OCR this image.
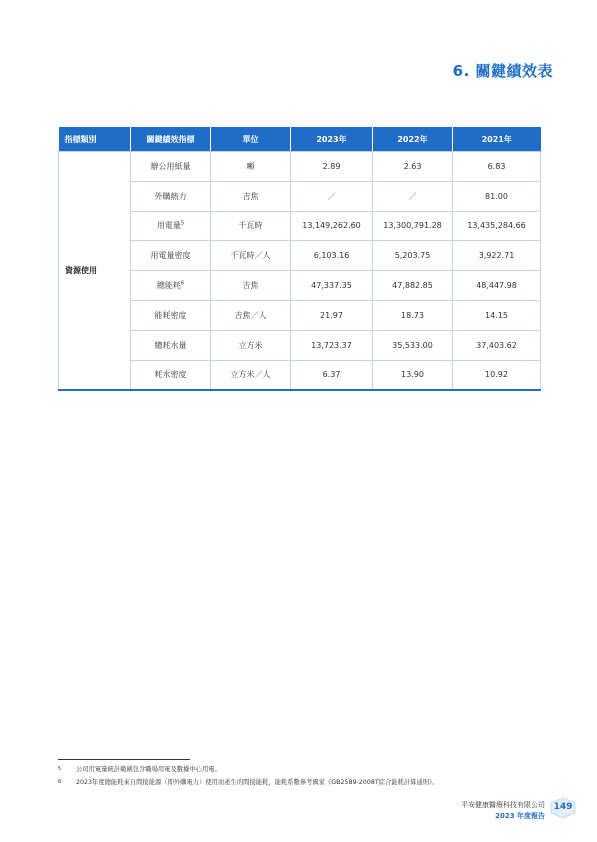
6. 關鍵績效表
指標類別	關鍵績效指標	單位	2023年	2022年	2021年
資源使用	辦公用紙量	噸	2.89	2.63	6.83
	外購熱力	吉焦	／	／	81.00
	用電量$^5$	千瓦時	13,149,262.60	13,300,791.28	13,435,284.66
	用電量密度	千瓦時／人	6,103.16	5,203.75	3,922.71
	總能耗$^6$	吉焦	47,337.35	47,882.85	48,447.98
	能耗密度	吉焦／人	21.97	18.73	14.15
	總耗水量	立方米	13,723.37	35,533.00	37,403.62
	耗水密度	立方米／人	6.37	13.90	10.92
5	公司用電量統計範圍包含職場用電及數據中心用電。
6	2023年度總能耗來自間接能源（即外購電力）使用而產生的間接能耗，能耗系數參考國家《GB2589-2008T綜合能耗計算通則》。
平安健康醫療科技有限公司
2023 年度報告
149
